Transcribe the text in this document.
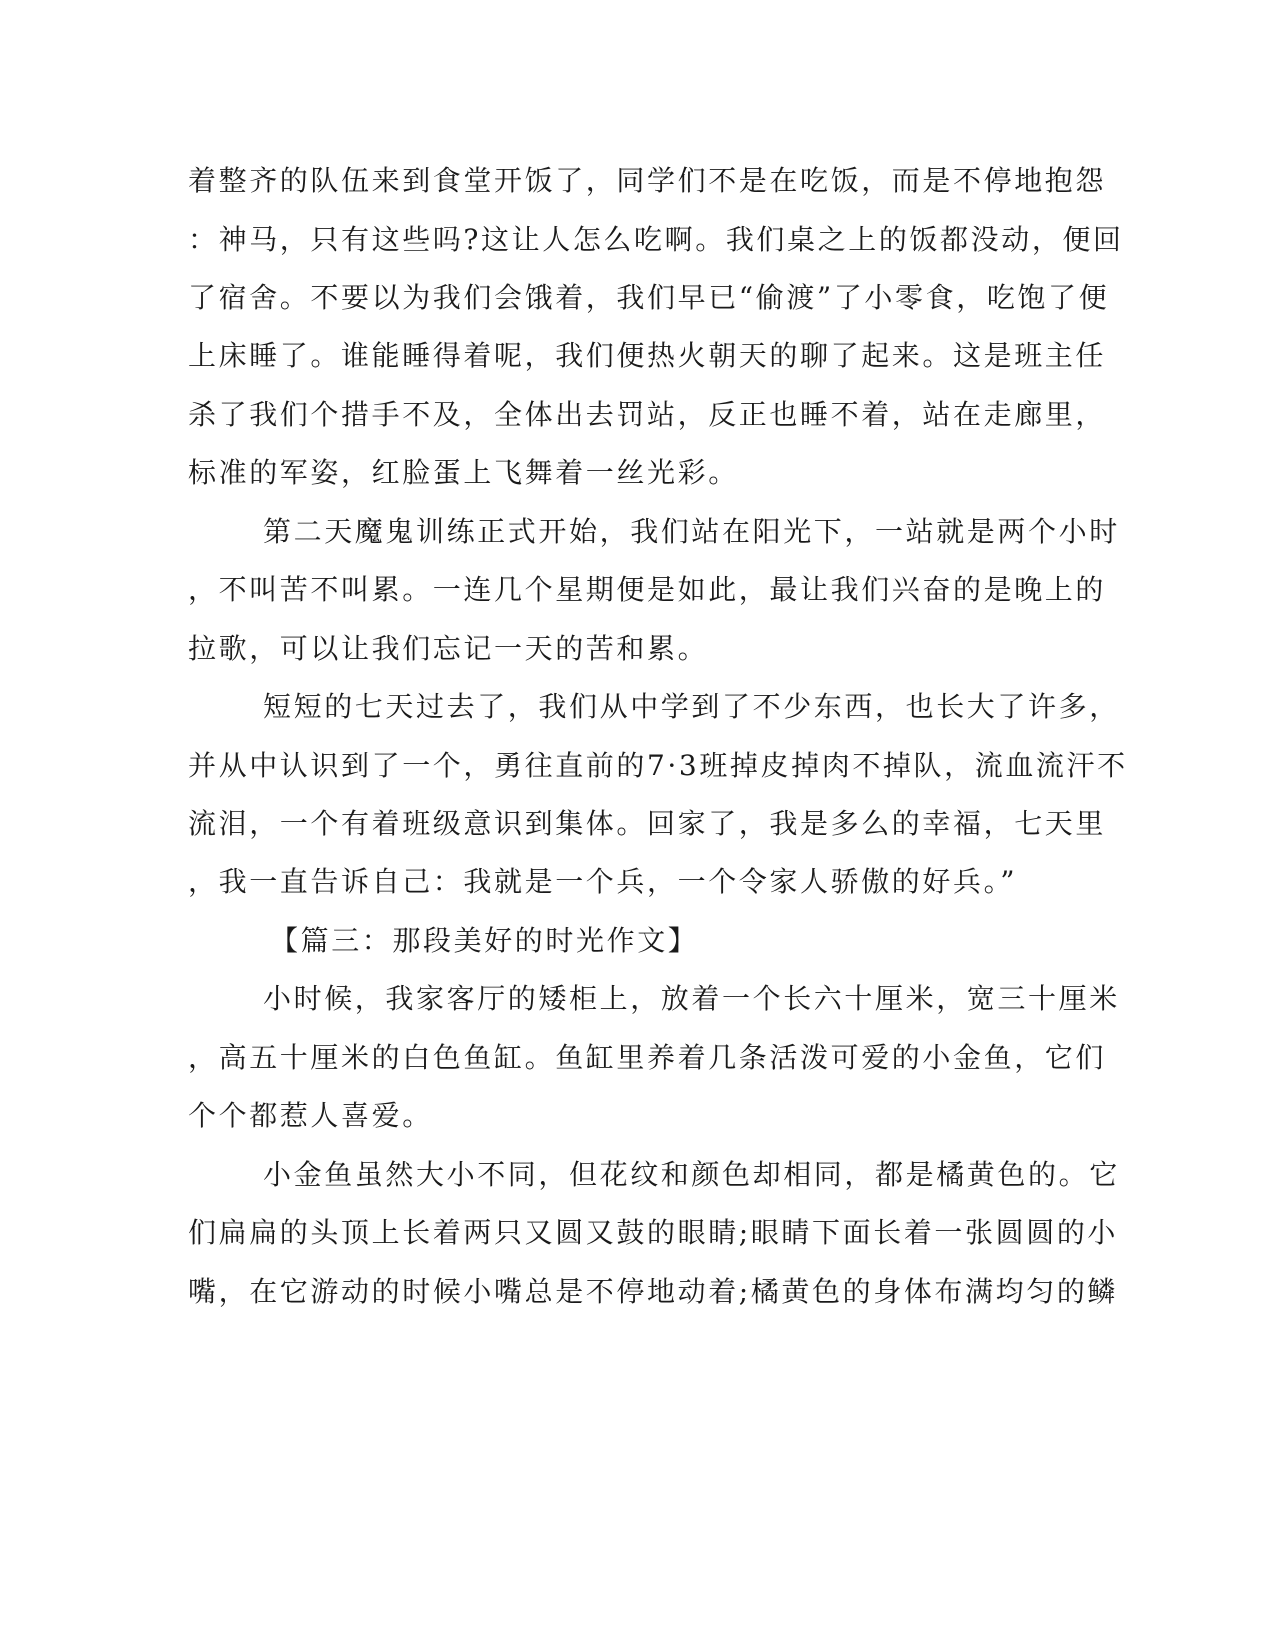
着整齐的队伍来到食堂开饭了，同学们不是在吃饭，而是不停地抱怨
：神马，只有这些吗?这让人怎么吃啊。我们桌之上的饭都没动，便回
了宿舍。不要以为我们会饿着，我们早已“偷渡”了小零食，吃饱了便
上床睡了。谁能睡得着呢，我们便热火朝天的聊了起来。这是班主任
杀了我们个措手不及，全体出去罚站，反正也睡不着，站在走廊里，
标准的军姿，红脸蛋上飞舞着一丝光彩。
第二天魔鬼训练正式开始，我们站在阳光下，一站就是两个小时
，不叫苦不叫累。一连几个星期便是如此，最让我们兴奋的是晚上的
拉歌，可以让我们忘记一天的苦和累。
短短的七天过去了，我们从中学到了不少东西，也长大了许多，
并从中认识到了一个，勇往直前的7·3班掉皮掉肉不掉队，流血流汗不
流泪，一个有着班级意识到集体。回家了，我是多么的幸福，七天里
，我一直告诉自己：我就是一个兵，一个令家人骄傲的好兵。”
【篇三：那段美好的时光作文】
小时候，我家客厅的矮柜上，放着一个长六十厘米，宽三十厘米
，高五十厘米的白色鱼缸。鱼缸里养着几条活泼可爱的小金鱼，它们
个个都惹人喜爱。
小金鱼虽然大小不同，但花纹和颜色却相同，都是橘黄色的。它
们扁扁的头顶上长着两只又圆又鼓的眼睛;眼睛下面长着一张圆圆的小
嘴，在它游动的时候小嘴总是不停地动着;橘黄色的身体布满均匀的鳞
